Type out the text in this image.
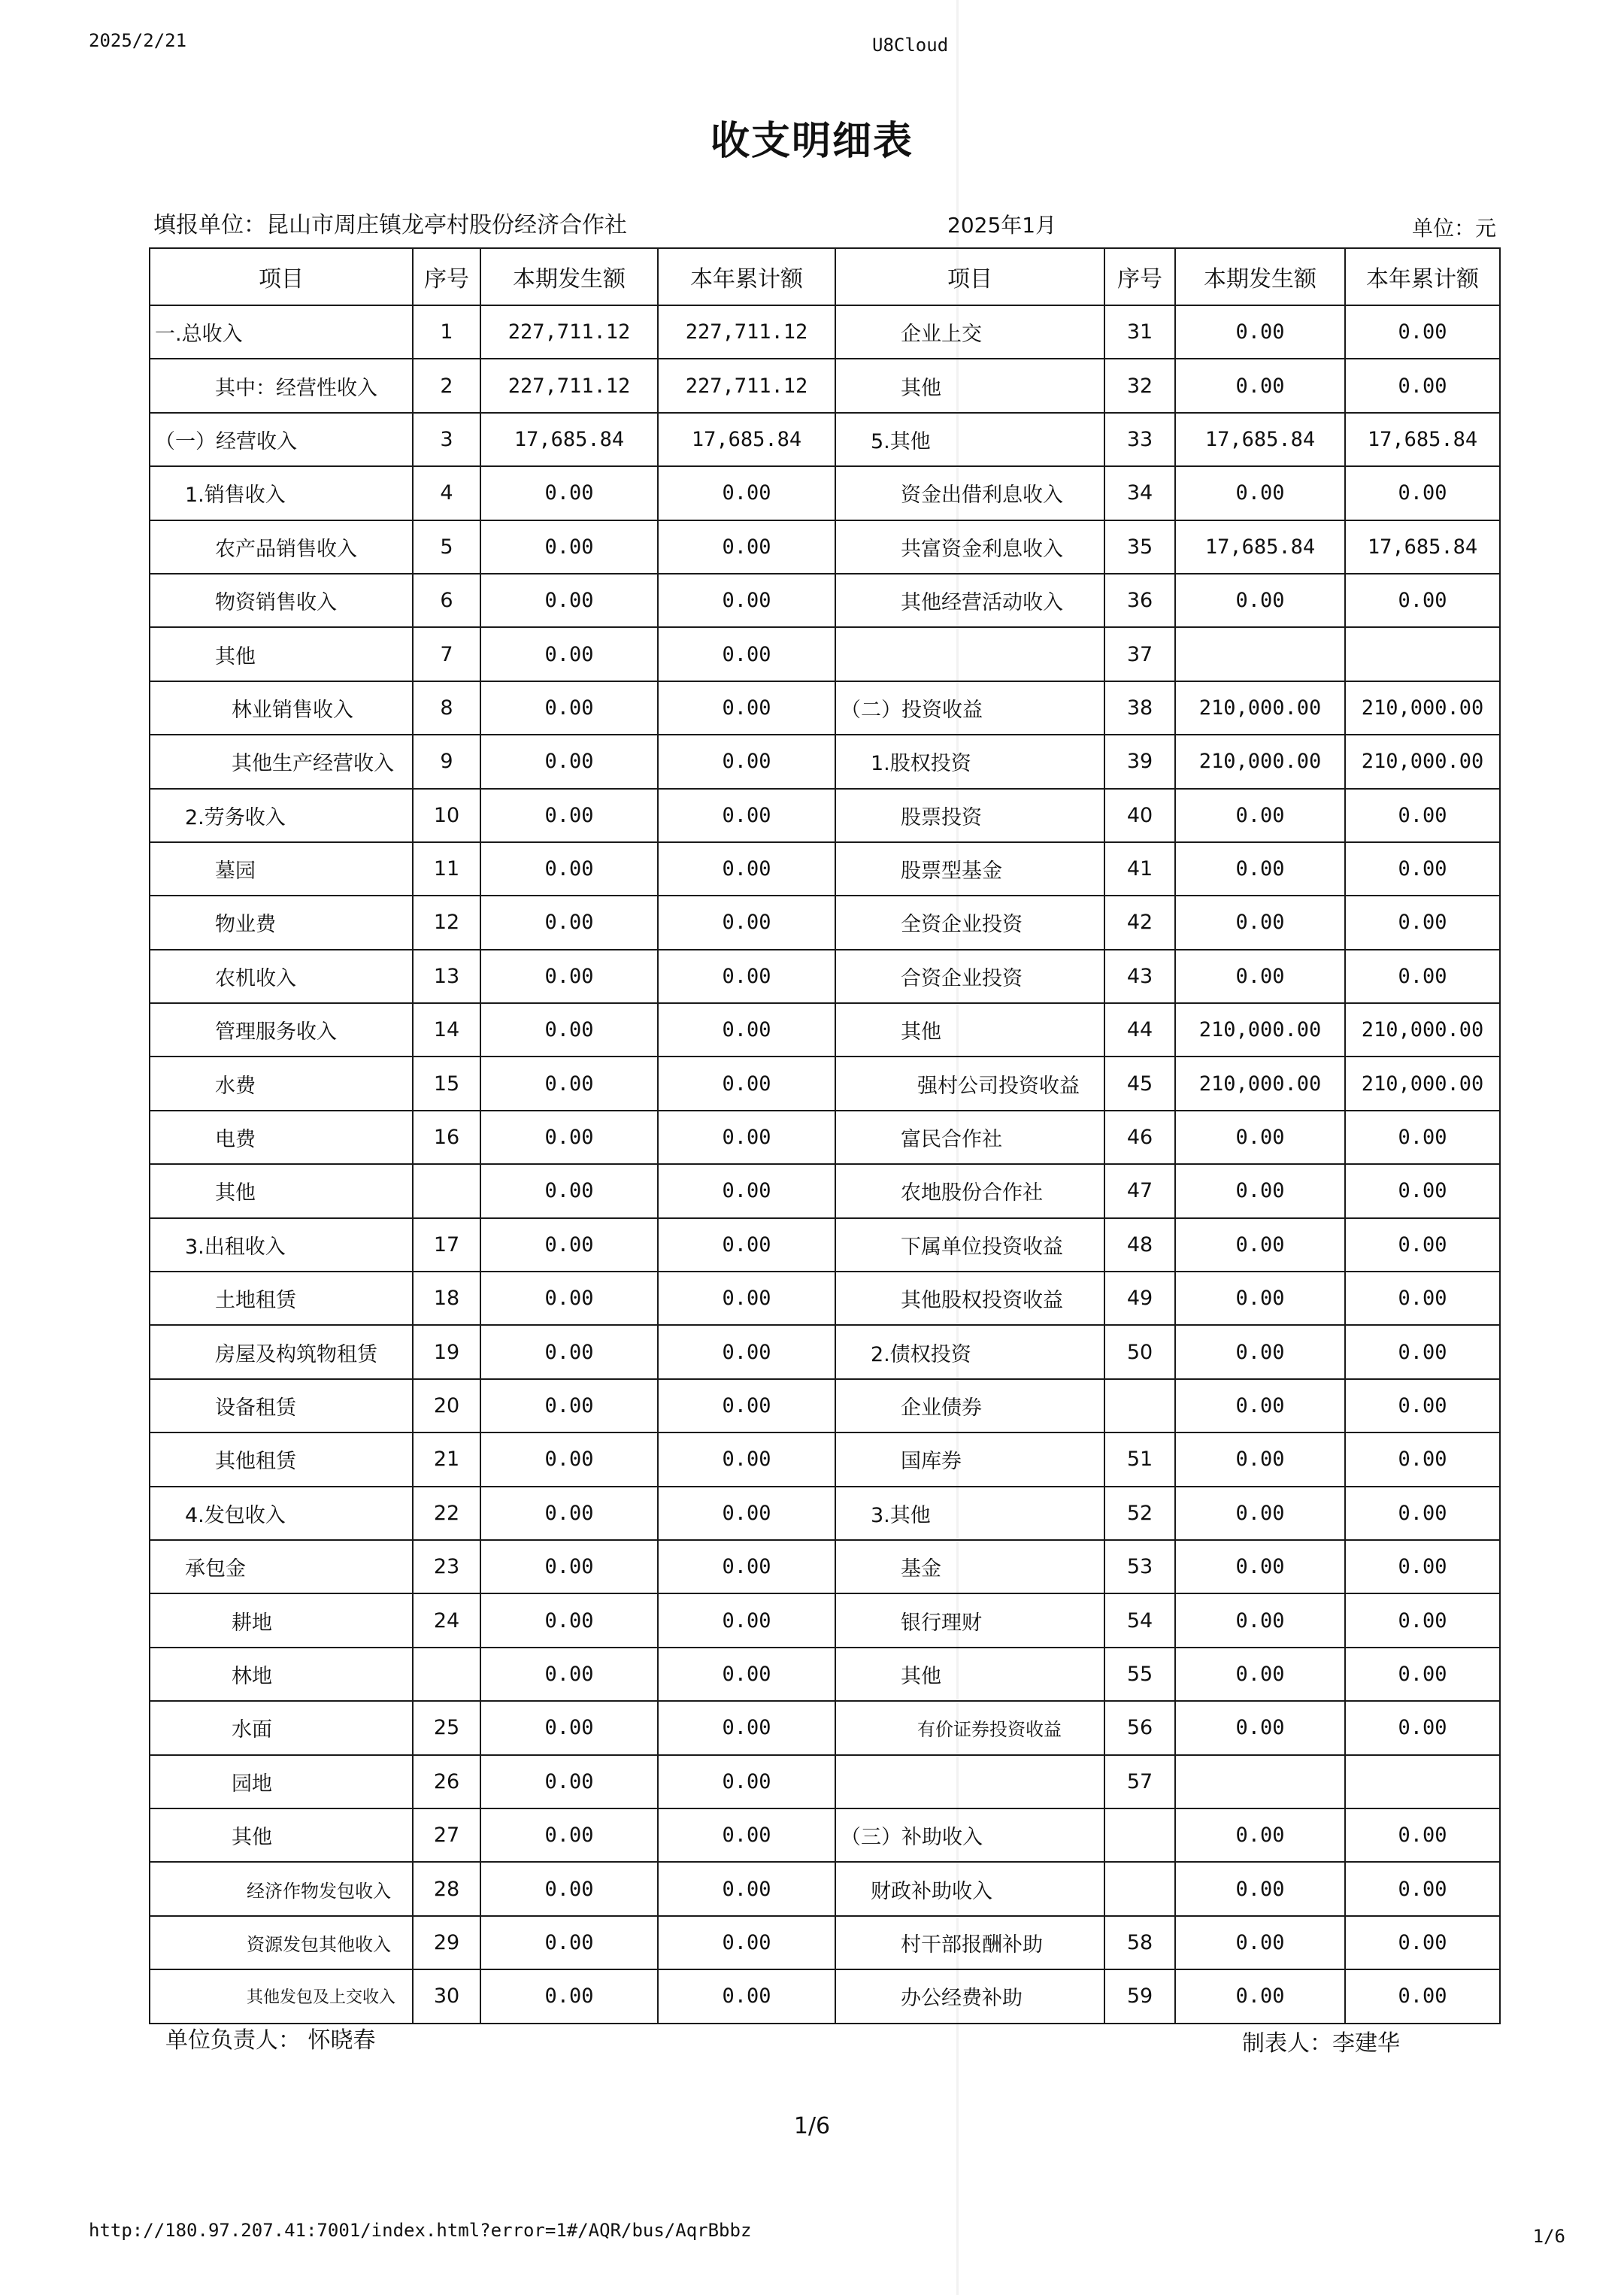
2025/2/21	U8Cloud
收支明细表
填报单位：昆山市周庄镇龙亭村股份经济合作社	2025年1月	单位：元
项目	序号	本期发生额	本年累计额	项目	序号	本期发生额	本年累计额
一.总收入	1	227,711.12	227,711.12	企业上交	31	0.00	0.00
其中：经营性收入	2	227,711.12	227,711.12	其他	32	0.00	0.00
（一）经营收入	3	17,685.84	17,685.84	5.其他	33	17,685.84	17,685.84
1.销售收入	4	0.00	0.00	资金出借利息收入	34	0.00	0.00
农产品销售收入	5	0.00	0.00	共富资金利息收入	35	17,685.84	17,685.84
物资销售收入	6	0.00	0.00	其他经营活动收入	36	0.00	0.00
其他	7	0.00	0.00		37		
林业销售收入	8	0.00	0.00	（二）投资收益	38	210,000.00	210,000.00
其他生产经营收入	9	0.00	0.00	1.股权投资	39	210,000.00	210,000.00
2.劳务收入	10	0.00	0.00	股票投资	40	0.00	0.00
墓园	11	0.00	0.00	股票型基金	41	0.00	0.00
物业费	12	0.00	0.00	全资企业投资	42	0.00	0.00
农机收入	13	0.00	0.00	合资企业投资	43	0.00	0.00
管理服务收入	14	0.00	0.00	其他	44	210,000.00	210,000.00
水费	15	0.00	0.00	强村公司投资收益	45	210,000.00	210,000.00
电费	16	0.00	0.00	富民合作社	46	0.00	0.00
其他		0.00	0.00	农地股份合作社	47	0.00	0.00
3.出租收入	17	0.00	0.00	下属单位投资收益	48	0.00	0.00
土地租赁	18	0.00	0.00	其他股权投资收益	49	0.00	0.00
房屋及构筑物租赁	19	0.00	0.00	2.债权投资	50	0.00	0.00
设备租赁	20	0.00	0.00	企业债券		0.00	0.00
其他租赁	21	0.00	0.00	国库券	51	0.00	0.00
4.发包收入	22	0.00	0.00	3.其他	52	0.00	0.00
承包金	23	0.00	0.00	基金	53	0.00	0.00
耕地	24	0.00	0.00	银行理财	54	0.00	0.00
林地		0.00	0.00	其他	55	0.00	0.00
水面	25	0.00	0.00	有价证券投资收益	56	0.00	0.00
园地	26	0.00	0.00		57		
其他	27	0.00	0.00	（三）补助收入		0.00	0.00
经济作物发包收入	28	0.00	0.00	财政补助收入		0.00	0.00
资源发包其他收入	29	0.00	0.00	村干部报酬补助	58	0.00	0.00
其他发包及上交收入	30	0.00	0.00	办公经费补助	59	0.00	0.00
单位负责人： 怀晓春	制表人：李建华
1/6
http://180.97.207.41:7001/index.html?error=1#/AQR/bus/AqrBbbz	1/6
